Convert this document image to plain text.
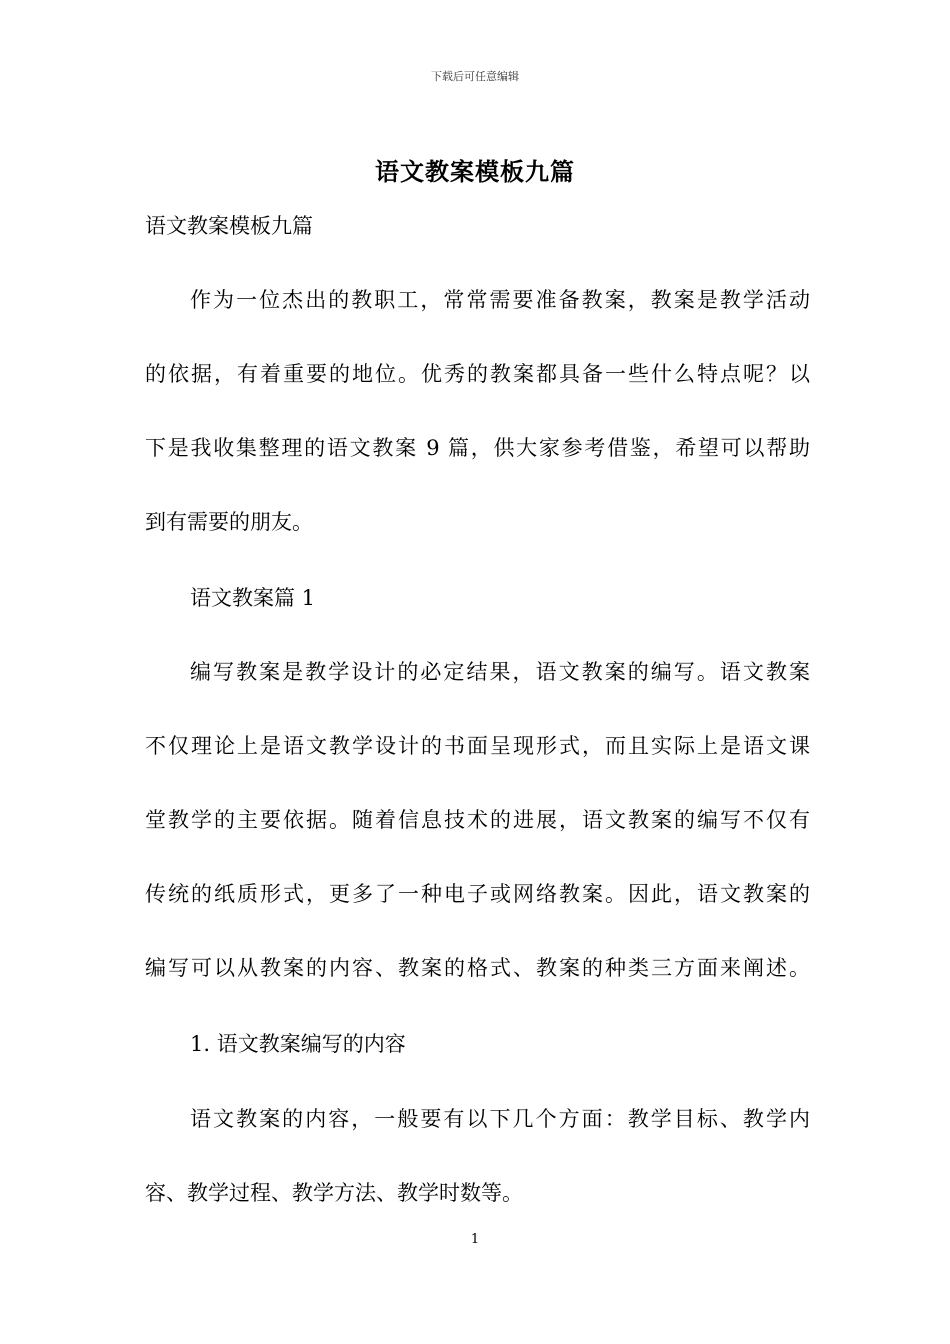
下载后可任意编辑
语文教案模板九篇
语文教案模板九篇
作为一位杰出的教职工，常常需要准备教案，教案是教学活动
的依据，有着重要的地位。优秀的教案都具备一些什么特点呢？以
下是我收集整理的语文教案 9 篇，供大家参考借鉴，希望可以帮助
到有需要的朋友。
语文教案篇 1
编写教案是教学设计的必定结果，语文教案的编写。语文教案
不仅理论上是语文教学设计的书面呈现形式，而且实际上是语文课
堂教学的主要依据。随着信息技术的进展，语文教案的编写不仅有
传统的纸质形式，更多了一种电子或网络教案。因此，语文教案的
编写可以从教案的内容、教案的格式、教案的种类三方面来阐述。
1. 语文教案编写的内容
语文教案的内容，一般要有以下几个方面：教学目标、教学内
容、教学过程、教学方法、教学时数等。
1
